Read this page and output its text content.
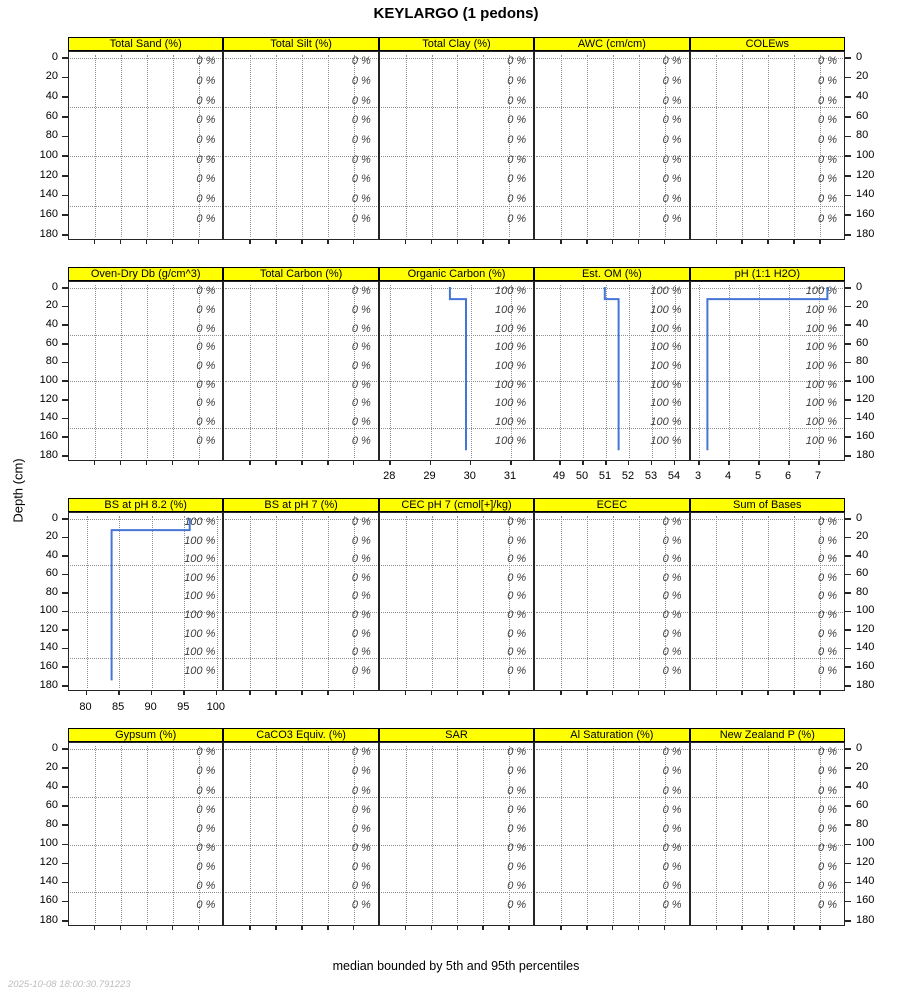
KEYLARGO (1 pedons)
Depth (cm)
Total Sand (%)
0 %
0 %
0 %
0 %
0 %
0 %
0 %
0 %
0 %
0
20
40
60
80
100
120
140
160
180
Total Silt (%)
0 %
0 %
0 %
0 %
0 %
0 %
0 %
0 %
0 %
Total Clay (%)
0 %
0 %
0 %
0 %
0 %
0 %
0 %
0 %
0 %
AWC (cm/cm)
0 %
0 %
0 %
0 %
0 %
0 %
0 %
0 %
0 %
COLEws
0 %
0 %
0 %
0 %
0 %
0 %
0 %
0 %
0 %
0
20
40
60
80
100
120
140
160
180
Oven-Dry Db (g/cm^3)
0 %
0 %
0 %
0 %
0 %
0 %
0 %
0 %
0 %
0
20
40
60
80
100
120
140
160
180
Total Carbon (%)
0 %
0 %
0 %
0 %
0 %
0 %
0 %
0 %
0 %
Organic Carbon (%)
100 %
100 %
100 %
100 %
100 %
100 %
100 %
100 %
100 %
28	29	30	31
Est. OM (%)
100 %
100 %
100 %
100 %
100 %
100 %
100 %
100 %
100 %
49 50 51 52 53 54
pH (1:1 H2O)
100 %
100 %
100 %
100 %
100 %
100 %
100 %
100 %
100 %
3	4	5	6	7
0
20
40
60
80
100
120
140
160
180
BS at pH 8.2 (%)
100 %
100 %
100 %
100 %
100 %
100 %
100 %
100 %
100 %
80	85	90	95	100
0
20
40
60
80
100
120
140
160
180
BS at pH 7 (%)
0 %
0 %
0 %
0 %
0 %
0 %
0 %
0 %
0 %
CEC pH 7 (cmol[+]/kg)
0 %
0 %
0 %
0 %
0 %
0 %
0 %
0 %
0 %
ECEC
0 %
0 %
0 %
0 %
0 %
0 %
0 %
0 %
0 %
Sum of Bases
0 %
0 %
0 %
0 %
0 %
0 %
0 %
0 %
0 %
0
20
40
60
80
100
120
140
160
180
Gypsum (%)
0 %
0 %
0 %
0 %
0 %
0 %
0 %
0 %
0 %
0
20
40
60
80
100
120
140
160
180
CaCO3 Equiv. (%)
0 %
0 %
0 %
0 %
0 %
0 %
0 %
0 %
0 %
SAR
0 %
0 %
0 %
0 %
0 %
0 %
0 %
0 %
0 %
Al Saturation (%)
0 %
0 %
0 %
0 %
0 %
0 %
0 %
0 %
0 %
New Zealand P (%)
0 %
0 %
0 %
0 %
0 %
0 %
0 %
0 %
0 %
0
20
40
60
80
100
120
140
160
180
median bounded by 5th and 95th percentiles
2025-10-08 18:00:30.791223
